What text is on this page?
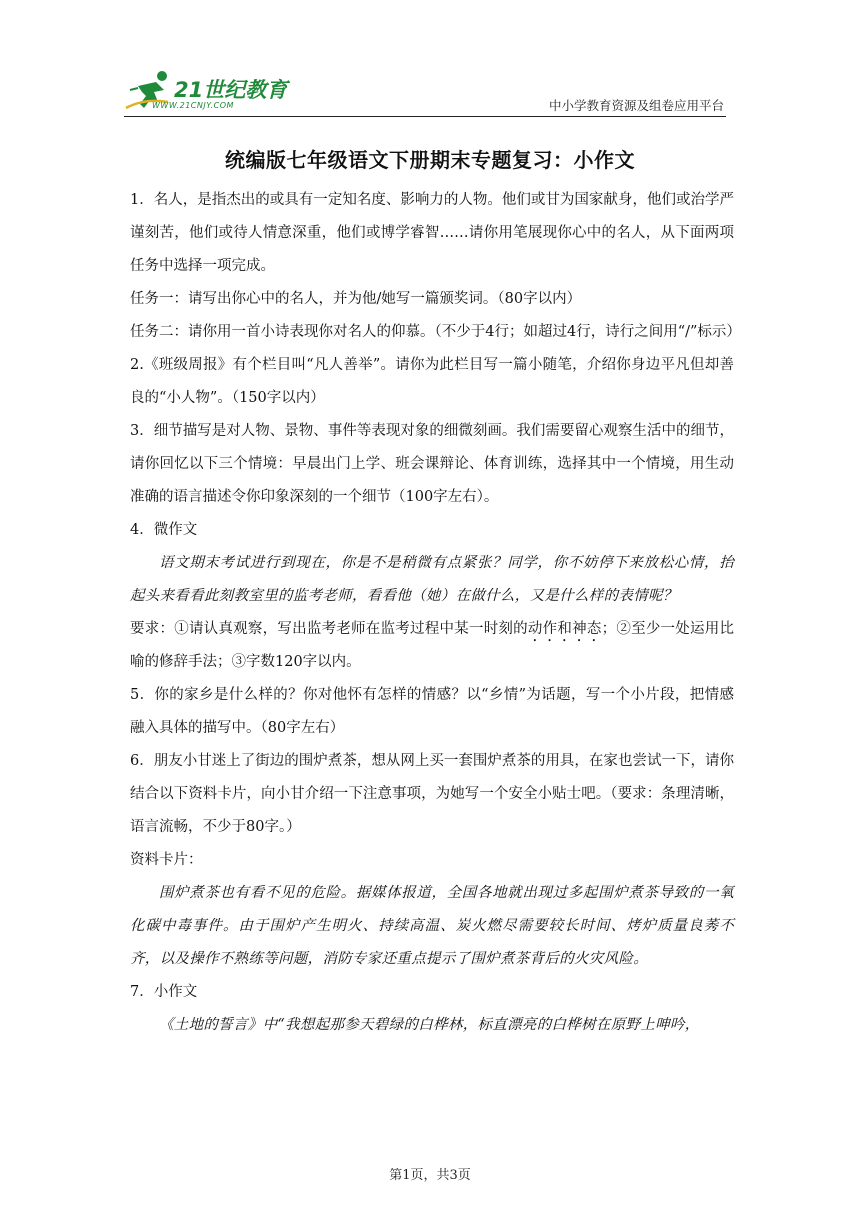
21世纪教育
WWW.21CNJY.COM	中小学教育资源及组卷应用平台
统编版七年级语文下册期末专题复习：小作文

1．名人，是指杰出的或具有一定知名度、影响力的人物。他们或甘为国家献身，他们或治学严谨刻苦，他们或待人情意深重，他们或博学睿智……请你用笔展现你心中的名人，从下面两项任务中选择一项完成。

任务一：请写出你心中的名人，并为他/她写一篇颁奖词。（80字以内）

任务二：请你用一首小诗表现你对名人的仰慕。（不少于4行；如超过4行，诗行之间用“/”标示）

2.《班级周报》有个栏目叫“凡人善举”。请你为此栏目写一篇小随笔，介绍你身边平凡但却善良的“小人物”。（150字以内）

3．细节描写是对人物、景物、事件等表现对象的细微刻画。我们需要留心观察生活中的细节，请你回忆以下三个情境：早晨出门上学、班会课辩论、体育训练，选择其中一个情境，用生动准确的语言描述令你印象深刻的一个细节（100字左右）。

4．微作文

语文期末考试进行到现在，你是不是稍微有点紧张？同学，你不妨停下来放松心情，抬起头来看看此刻教室里的监考老师，看看他（她）在做什么，又是什么样的表情呢？

要求：①请认真观察，写出监考老师在监考过程中某一时刻的动作和神态；②至少一处运用比喻的修辞手法；③字数120字以内。

5．你的家乡是什么样的？你对他怀有怎样的情感？以“乡情”为话题，写一个小片段，把情感融入具体的描写中。（80字左右）

6．朋友小甘迷上了街边的围炉煮茶，想从网上买一套围炉煮茶的用具，在家也尝试一下，请你结合以下资料卡片，向小甘介绍一下注意事项，为她写一个安全小贴士吧。（要求：条理清晰，语言流畅，不少于80字。）

资料卡片：

围炉煮茶也有看不见的危险。据媒体报道，全国各地就出现过多起围炉煮茶导致的一氧化碳中毒事件。由于围炉产生明火、持续高温、炭火燃尽需要较长时间、烤炉质量良莠不齐，以及操作不熟练等问题，消防专家还重点提示了围炉煮茶背后的火灾风险。

7．小作文

《土地的誓言》中“我想起那参天碧绿的白桦林，标直漂亮的白桦树在原野上呻吟，

第1页，共3页
